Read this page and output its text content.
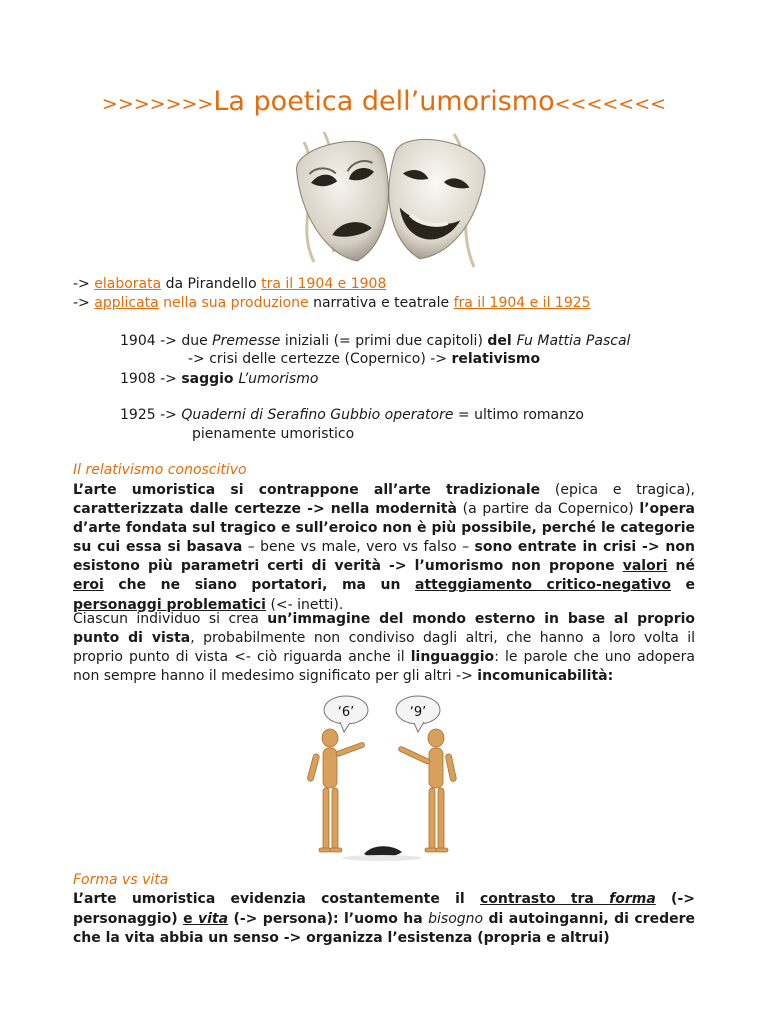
>>>>>>>La poetica dell’umorismo<<<<<<<
-> elaborata da Pirandello tra il 1904 e 1908
-> applicata nella sua produzione narrativa e teatrale fra il 1904 e il 1925
1904 -> due Premesse iniziali (= primi due capitoli) del Fu Mattia Pascal
-> crisi delle certezze (Copernico) -> relativismo
1908 -> saggio L’umorismo
1925 -> Quaderni di Serafino Gubbio operatore = ultimo romanzo
pienamente umoristico
Il relativismo conoscitivo
L’arte umoristica si contrappone all’arte tradizionale (epica e tragica), caratterizzata dalle certezze -> nella modernità (a partire da Copernico) l’opera d’arte fondata sul tragico e sull’eroico non è più possibile, perché le categorie su cui essa si basava – bene vs male, vero vs falso – sono entrate in crisi -> non esistono più parametri certi di verità -> l’umorismo non propone valori né eroi che ne siano portatori, ma un atteggiamento critico-negativo e personaggi problematici (<- inetti).
Ciascun individuo si crea un’immagine del mondo esterno in base al proprio punto di vista, probabilmente non condiviso dagli altri, che hanno a loro volta il proprio punto di vista <- ciò riguarda anche il linguaggio: le parole che uno adopera non sempre hanno il medesimo significato per gli altri -> incomunicabilità:
‘6’	‘9’
Forma vs vita
L’arte umoristica evidenzia costantemente il contrasto tra forma (-> personaggio) e vita (-> persona): l’uomo ha bisogno di autoinganni, di credere che la vita abbia un senso -> organizza l’esistenza (propria e altrui)
